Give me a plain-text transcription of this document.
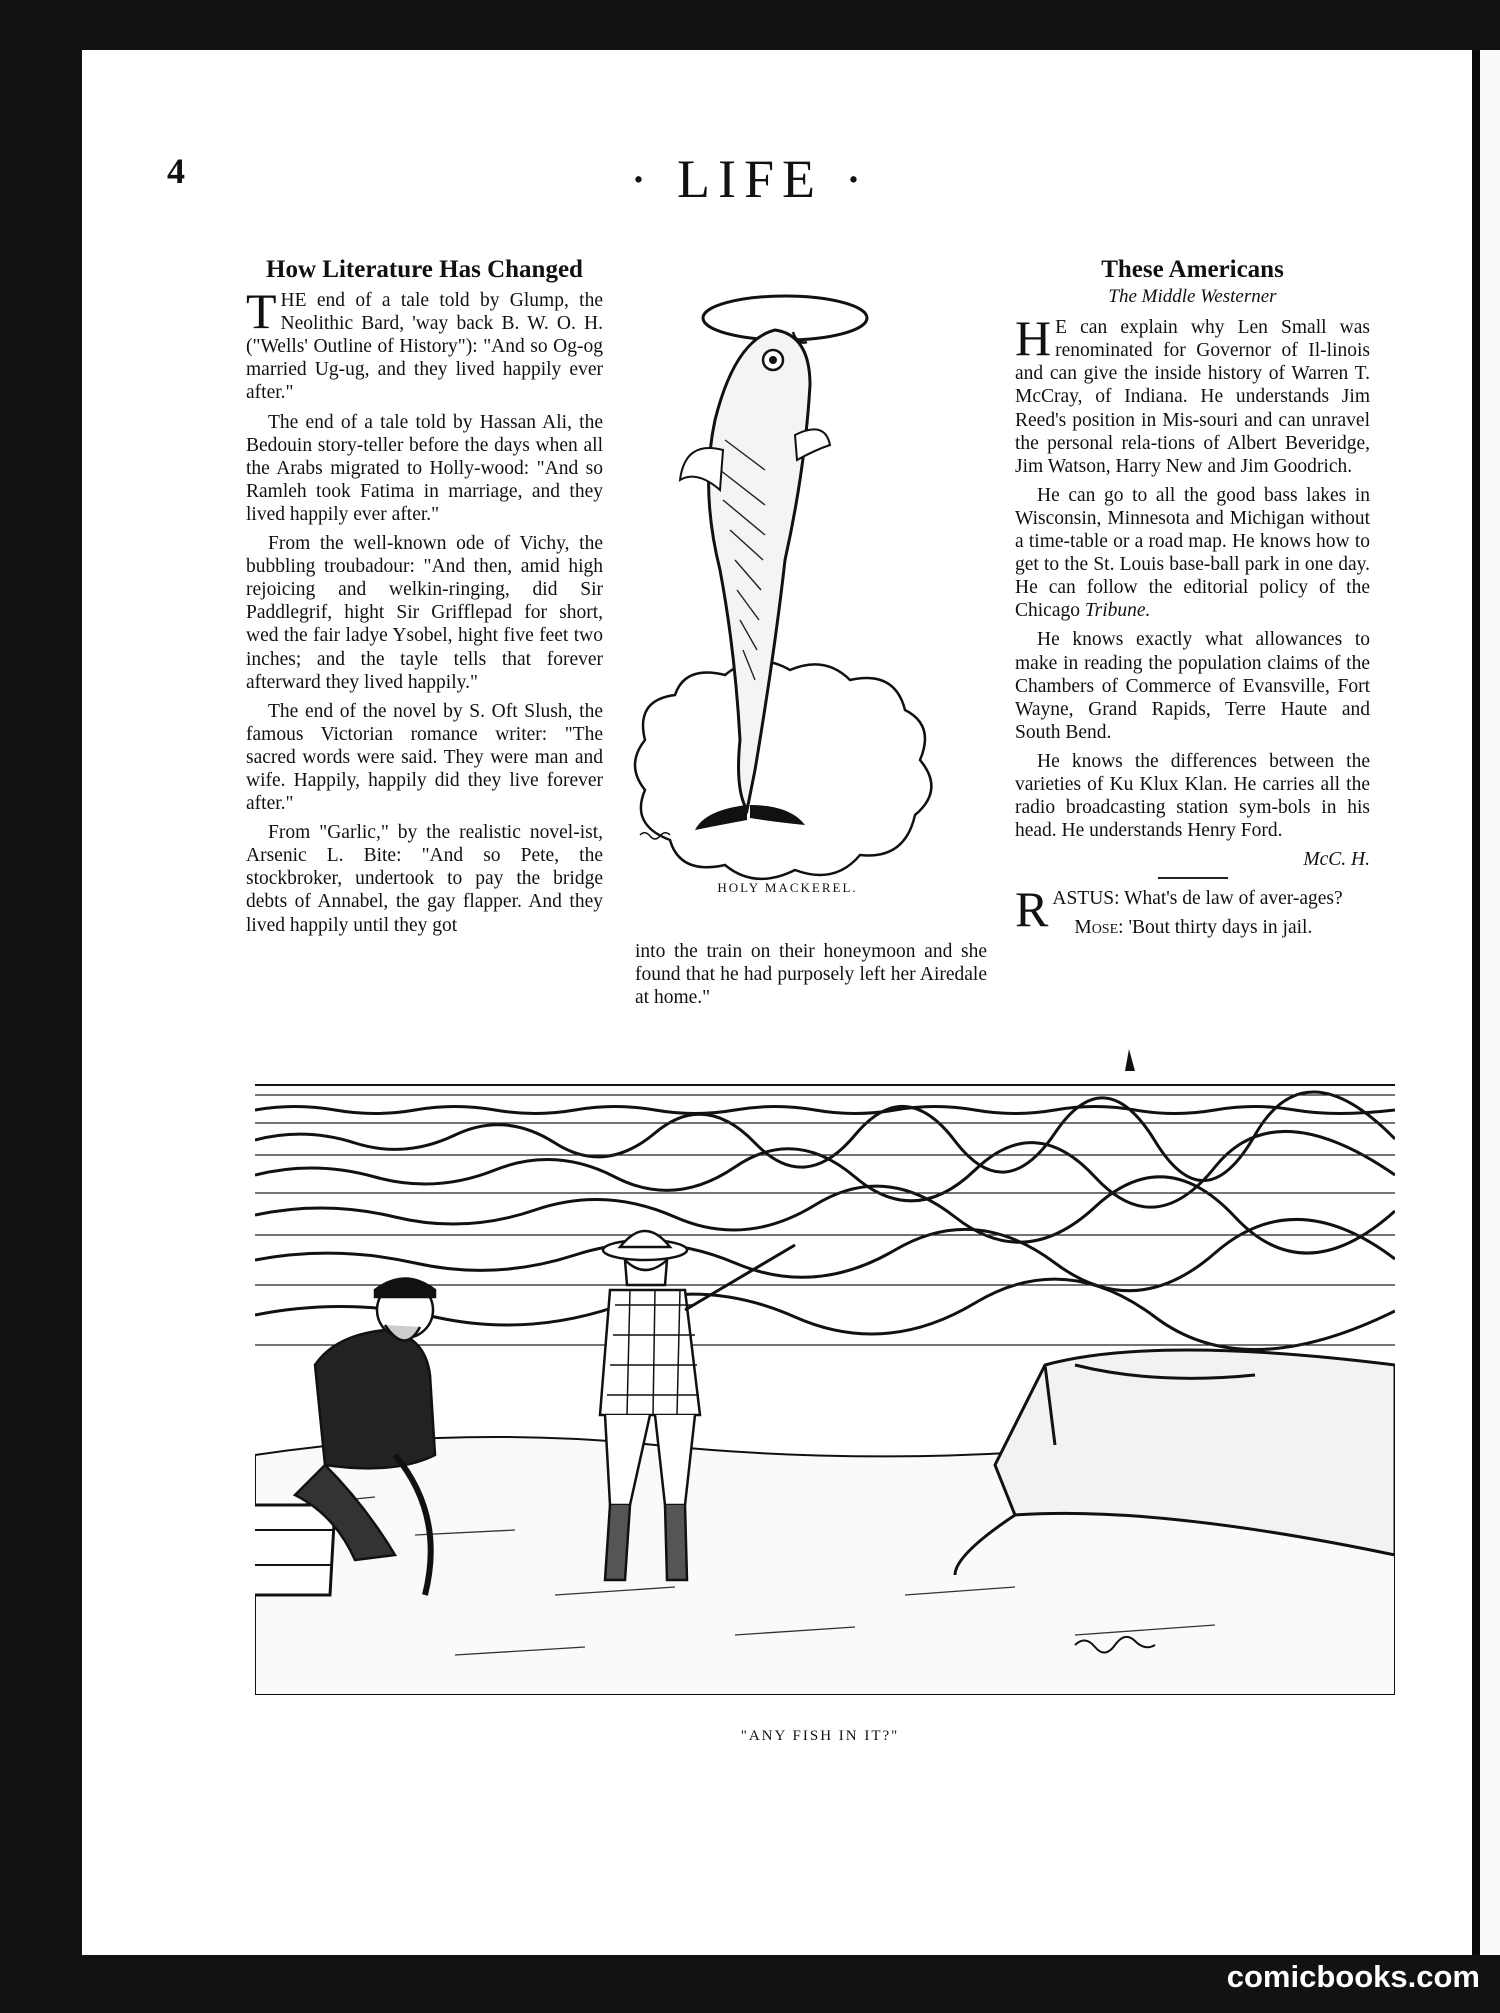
4	· LIFE ·
How Literature Has Changed

THE end of a tale told by Glump, the Neolithic Bard, 'way back B. W. O. H. ("Wells' Outline of History"): "And so Og-og married Ug-ug, and they lived happily ever after."

The end of a tale told by Hassan Ali, the Bedouin story-teller before the days when all the Arabs migrated to Holly-wood: "And so Ramleh took Fatima in marriage, and they lived happily ever after."

From the well-known ode of Vichy, the bubbling troubadour: "And then, amid high rejoicing and welkin-ringing, did Sir Paddlegrif, hight Sir Grifflepad for short, wed the fair ladye Ysobel, hight five feet two inches; and the tayle tells that forever afterward they lived happily."

The end of the novel by S. Oft Slush, the famous Victorian romance writer: "The sacred words were said. They were man and wife. Happily, happily did they live forever after."

From "Garlic," by the realistic novel-ist, Arsenic L. Bite: "And so Pete, the stockbroker, undertook to pay the bridge debts of Annabel, the gay flapper. And they lived happily until they got

HOLY MACKEREL.

into the train on their honeymoon and she found that he had purposely left her Airedale at home."

These Americans
The Middle Westerner

H E can explain why Len Small was renominated for Governor of Il-linois and can give the inside history of Warren T. McCray, of Indiana. He understands Jim Reed's position in Mis-souri and can unravel the personal rela-tions of Albert Beveridge, Jim Watson, Harry New and Jim Goodrich.

He can go to all the good bass lakes in Wisconsin, Minnesota and Michigan without a time-table or a road map. He knows how to get to the St. Louis base-ball park in one day. He can follow the editorial policy of the Chicago Tribune.

He knows exactly what allowances to make in reading the population claims of the Chambers of Commerce of Evansville, Fort Wayne, Grand Rapids, Terre Haute and South Bend.

He knows the differences between the varieties of Ku Klux Klan. He carries all the radio broadcasting station sym-bols in his head. He understands Henry Ford.

McC. H.

RASTUS: What's de law of aver-ages?

Mose: 'Bout thirty days in jail.

"ANY FISH IN IT?"
comicbooks.com
